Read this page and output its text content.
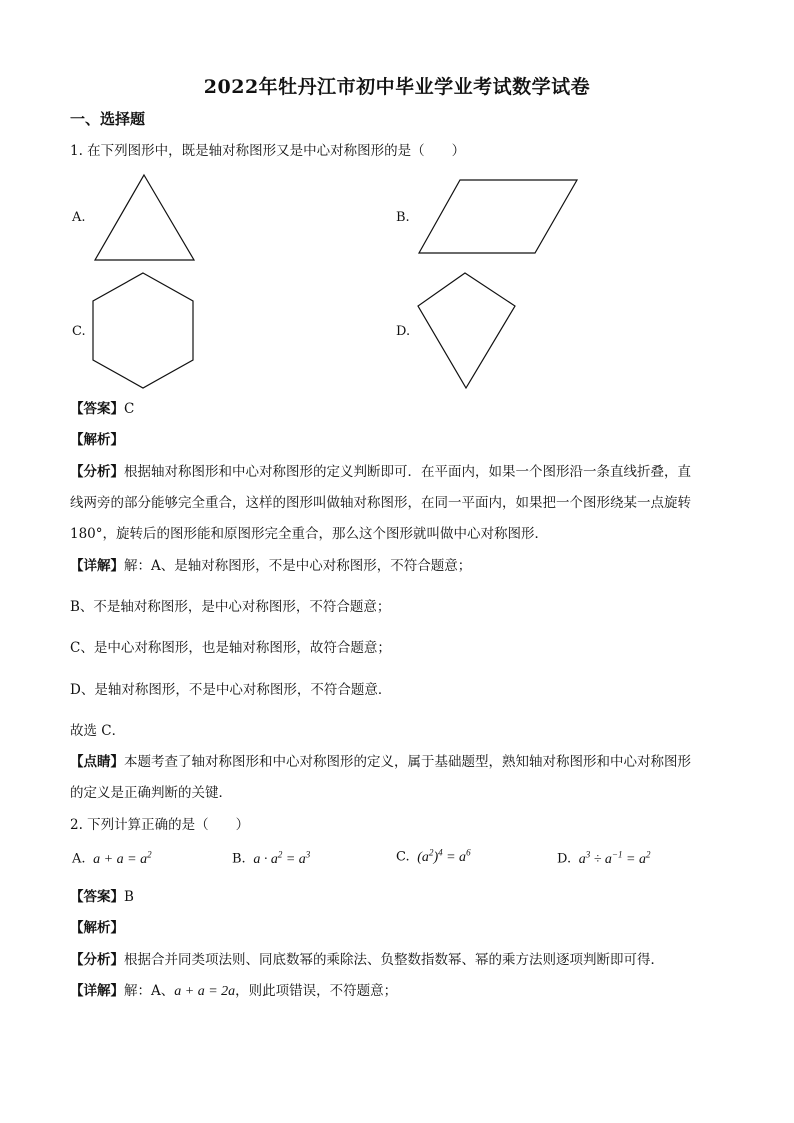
2022年牡丹江市初中毕业学业考试数学试卷
一、选择题
1. 在下列图形中，既是轴对称图形又是中心对称图形的是（　　）
A.	B.
C.	D.
【答案】C
【解析】
【分析】根据轴对称图形和中心对称图形的定义判断即可．在平面内，如果一个图形沿一条直线折叠，直
线两旁的部分能够完全重合，这样的图形叫做轴对称图形，在同一平面内，如果把一个图形绕某一点旋转
180°，旋转后的图形能和原图形完全重合，那么这个图形就叫做中心对称图形．
【详解】解：A、是轴对称图形，不是中心对称图形，不符合题意；
B、不是轴对称图形，是中心对称图形，不符合题意；
C、是中心对称图形，也是轴对称图形，故符合题意；
D、是轴对称图形，不是中心对称图形，不符合题意．
故选 C．
【点睛】本题考查了轴对称图形和中心对称图形的定义，属于基础题型，熟知轴对称图形和中心对称图形
的定义是正确判断的关键．
2. 下列计算正确的是（　　）
A.  $a + a = a^2$	B.  $a \cdot a^2 = a^3$	C.  $(a^2)^4 = a^6$	D.  $a^3 \div a^{-1} = a^2$
【答案】B
【解析】
【分析】根据合并同类项法则、同底数幂的乘除法、负整数指数幂、幂的乘方法则逐项判断即可得．
【详解】解：A、a + a = 2a，则此项错误，不符题意；
